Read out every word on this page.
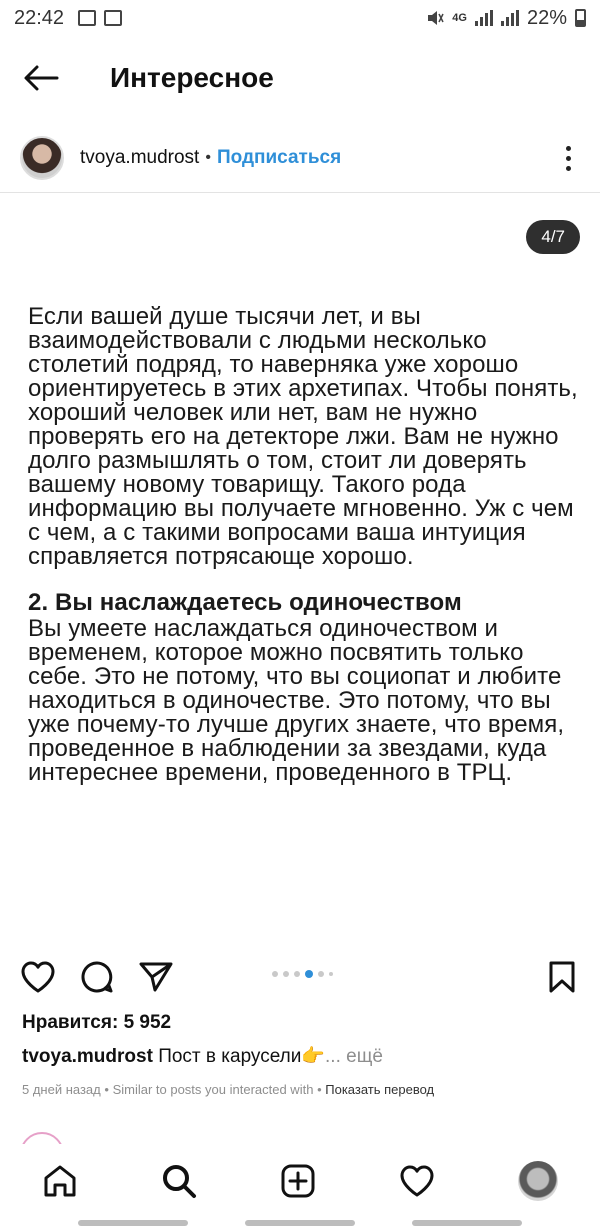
22:42	4G	22%
Интересное
tvoya.mudrost • Подписаться
4/7
Если вашей душе тысячи лет, и вы взаимодействовали с людьми несколько столетий подряд, то наверняка уже хорошо ориентируетесь в этих архетипах. Чтобы понять, хороший человек или нет, вам не нужно проверять его на детекторе лжи. Вам не нужно долго размышлять о том, стоит ли доверять вашему новому товарищу. Такого рода информацию вы получаете мгновенно. Уж с чем с чем, а с такими вопросами ваша интуиция справляется потрясающе хорошо.
2. Вы наслаждаетесь одиночеством
Вы умеете наслаждаться одиночеством и временем, которое можно посвятить только себе. Это не потому, что вы социопат и любите находиться в одиночестве. Это потому, что вы уже почему-то лучше других знаете, что время, проведенное в наблюдении за звездами, куда интереснее времени, проведенного в ТРЦ.
Нравится: 5 952
tvoya.mudrost Пост в карусели👉... ещё
5 дней назад • Similar to posts you interacted with • Показать перевод
